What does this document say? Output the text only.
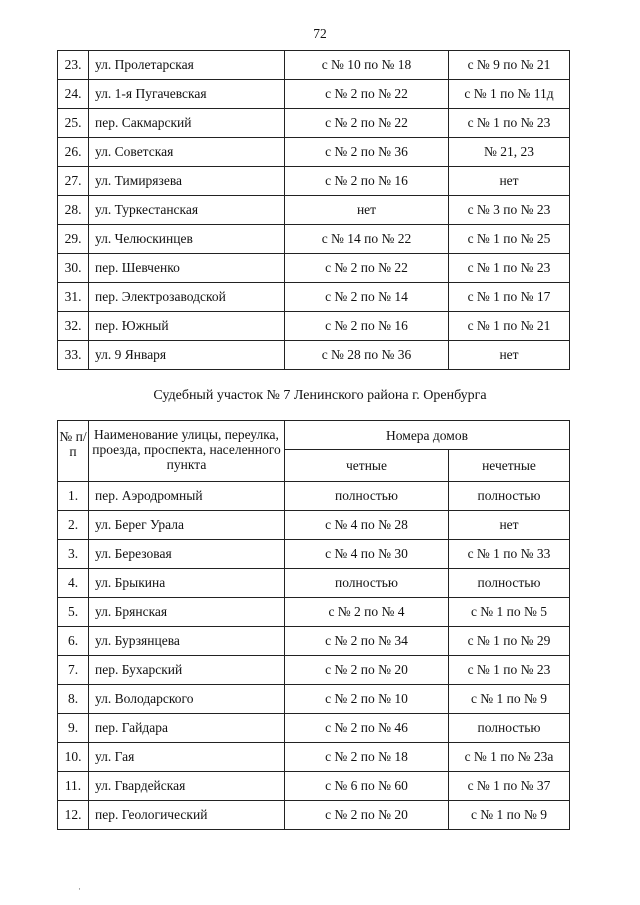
72
23.	ул. Пролетарская	с № 10 по № 18	с № 9 по № 21
24.	ул. 1-я Пугачевская	с № 2 по № 22	с № 1 по № 11д
25.	пер. Сакмарский	с № 2 по № 22	с № 1 по № 23
26.	ул. Советская	с № 2 по № 36	№ 21, 23
27.	ул. Тимирязева	с № 2 по № 16	нет
28.	ул. Туркестанская	нет	с № 3 по № 23
29.	ул. Челюскинцев	с № 14 по № 22	с № 1 по № 25
30.	пер. Шевченко	с № 2 по № 22	с № 1 по № 23
31.	пер. Электрозаводской	с № 2 по № 14	с № 1 по № 17
32.	пер. Южный	с № 2 по № 16	с № 1 по № 21
33.	ул. 9 Января	с № 28 по № 36	нет
Судебный участок № 7 Ленинского района г. Оренбурга
№ п/п	Наименование улицы, переулка, проезда, проспекта, населенного пункта	Номера домов	
		четные	нечетные
1.	пер. Аэродромный	полностью	полностью
2.	ул. Берег Урала	с № 4 по № 28	нет
3.	ул. Березовая	с № 4 по № 30	с № 1 по № 33
4.	ул. Брыкина	полностью	полностью
5.	ул. Брянская	с № 2 по № 4	с № 1 по № 5
6.	ул. Бурзянцева	с № 2 по № 34	с № 1 по № 29
7.	пер. Бухарский	с № 2 по № 20	с № 1 по № 23
8.	ул. Володарского	с № 2 по № 10	с № 1 по № 9
9.	пер. Гайдара	с № 2 по № 46	полностью
10.	ул. Гая	с № 2 по № 18	с № 1 по № 23а
11.	ул. Гвардейская	с № 6 по № 60	с № 1 по № 37
12.	пер. Геологический	с № 2 по № 20	с № 1 по № 9
·
